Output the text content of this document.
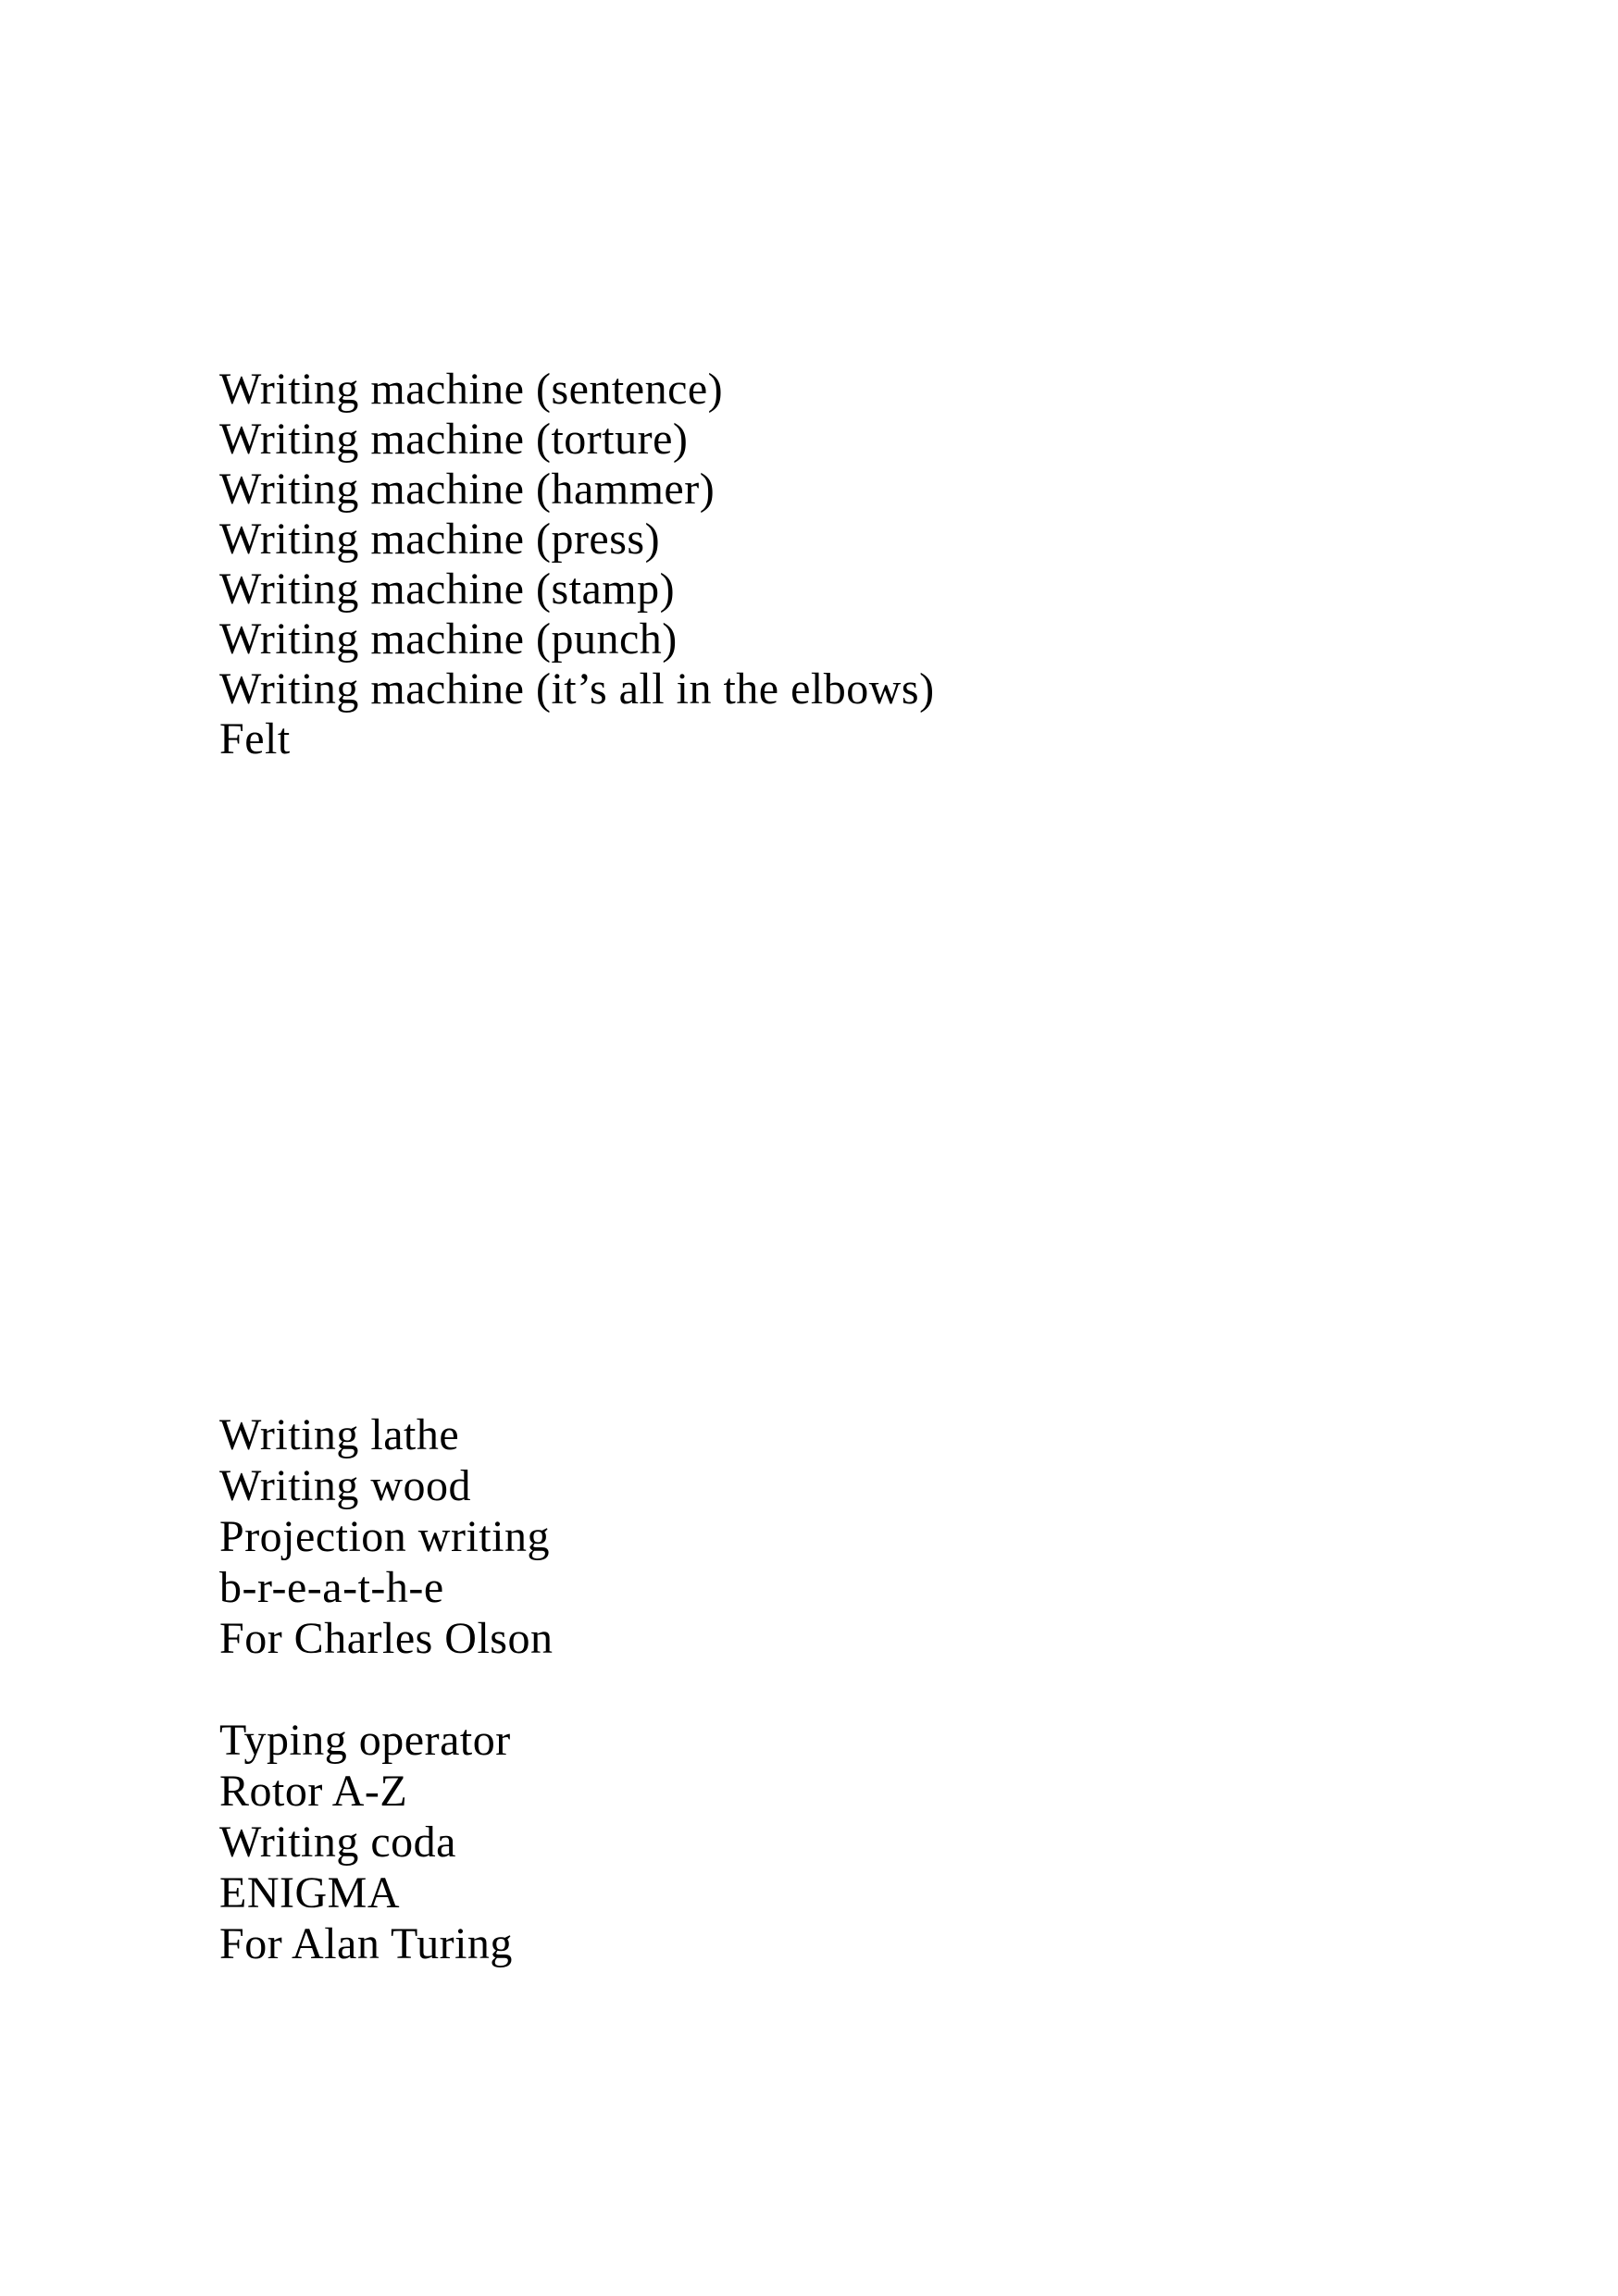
Writing machine (sentence)
Writing machine (torture)
Writing machine (hammer)
Writing machine (press)
Writing machine (stamp)
Writing machine (punch)
Writing machine (it’s all in the elbows)
Felt
Writing lathe
Writing wood
Projection writing
b-r-e-a-t-h-e
For Charles Olson
Typing operator
Rotor A-Z
Writing coda
ENIGMA
For Alan Turing
